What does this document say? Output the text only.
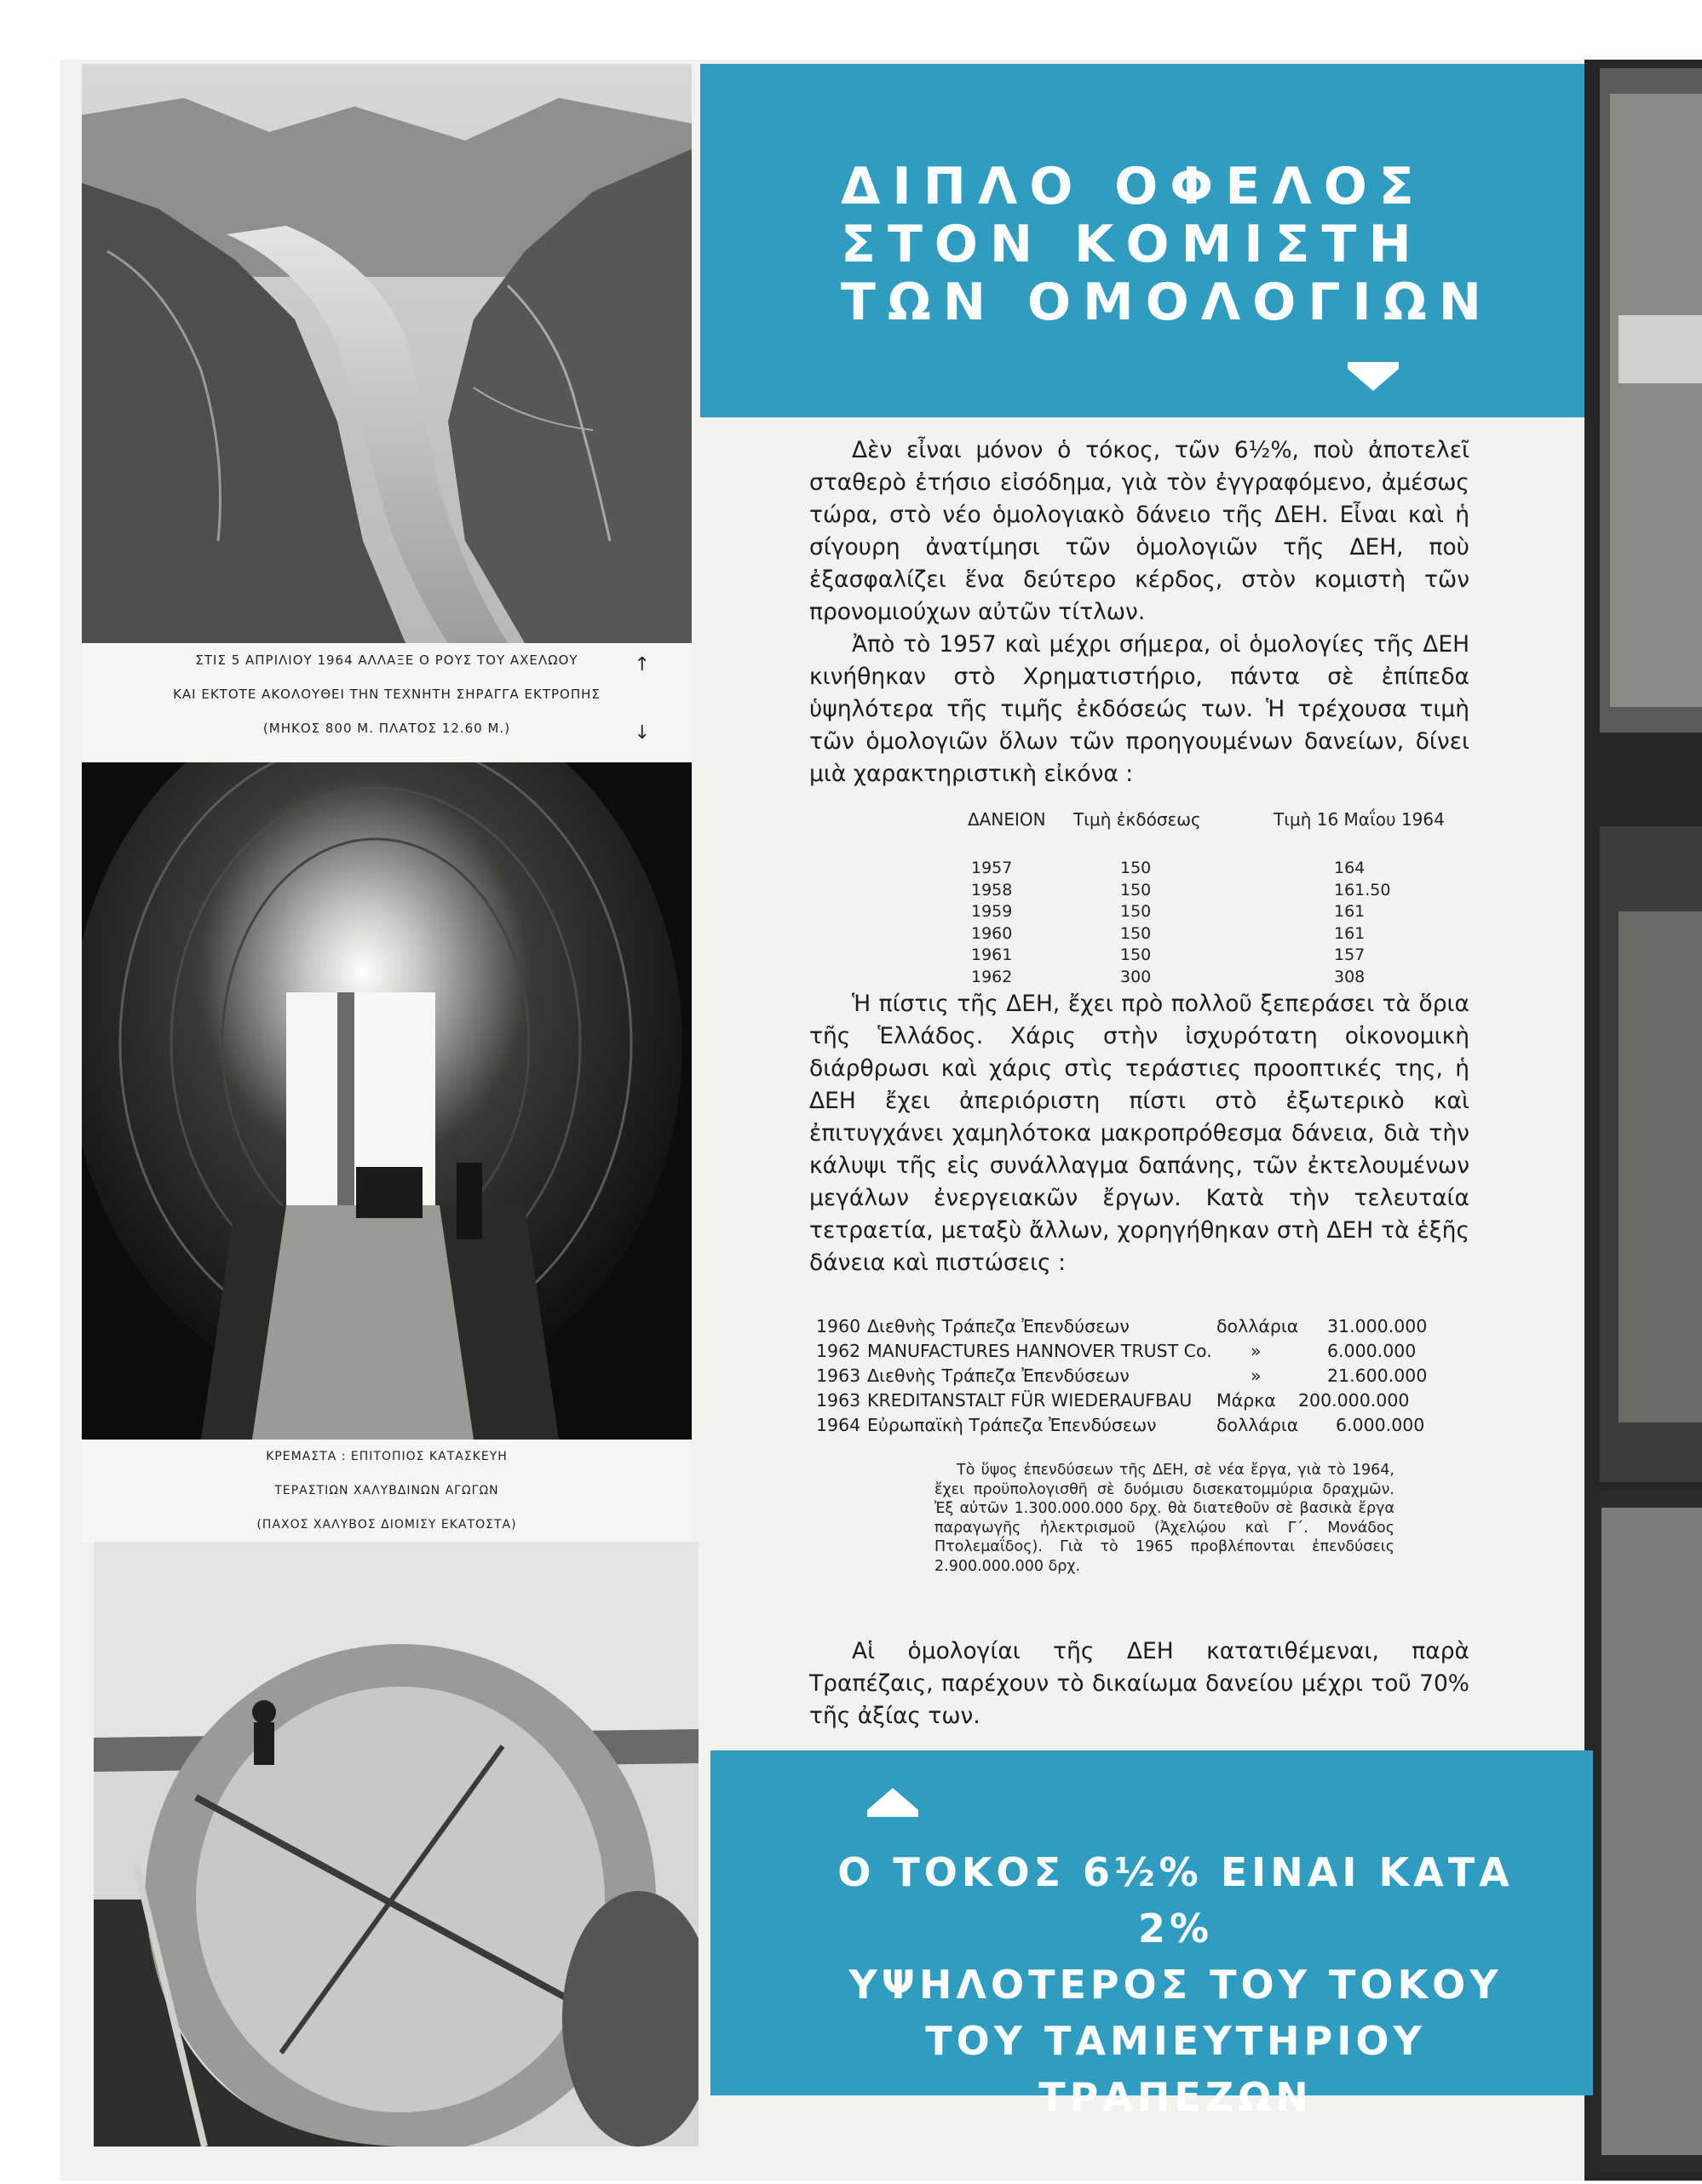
ΣΤΙΣ 5 ΑΠΡΙΛΙΟΥ 1964 ΑΛΛΑΞΕ Ο ΡΟΥΣ ΤΟΥ ΑΧΕΛΩΟΥ
ΚΑΙ ΕΚΤΟΤΕ ΑΚΟΛΟΥΘΕΙ ΤΗΝ ΤΕΧΝΗΤΗ ΣΗΡΑΓΓΑ ΕΚΤΡΟΠΗΣ
(ΜΗΚΟΣ 800 Μ. ΠΛΑΤΟΣ 12.60 Μ.)
↑
↓
ΚΡΕΜΑΣΤΑ : ΕΠΙΤΟΠΙΟΣ ΚΑΤΑΣΚΕΥΗ
ΤΕΡΑΣΤΙΩΝ ΧΑΛΥΒΔΙΝΩΝ ΑΓΩΓΩΝ
(ΠΑΧΟΣ ΧΑΛΥΒΟΣ ΔΙΟΜΙΣΥ ΕΚΑΤΟΣΤΑ)
ΔΙΠΛΟ ΟΦΕΛΟΣ
ΣΤΟΝ ΚΟΜΙΣΤΗ
ΤΩΝ ΟΜΟΛΟΓΙΩΝ

Δὲν εἶναι μόνον ὁ τόκος, τῶν 6½%, ποὺ ἀποτελεῖ σταθερὸ ἐτήσιο εἰσόδημα, γιὰ τὸν ἐγγραφόμενο, ἀμέσως τώρα, στὸ νέο ὁμολογιακὸ δάνειο τῆς ΔΕΗ. Εἶναι καὶ ἡ σίγουρη ἀνατίμησι τῶν ὁμολογιῶν τῆς ΔΕΗ, ποὺ ἐξασφαλίζει ἕνα δεύτερο κέρδος, στὸν κομιστὴ τῶν προνομιούχων αὐτῶν τίτλων.

Ἀπὸ τὸ 1957 καὶ μέχρι σήμερα, οἱ ὁμολογίες τῆς ΔΕΗ κινήθηκαν στὸ Χρηματιστήριο, πάντα σὲ ἐπίπεδα ὑψηλότερα τῆς τιμῆς ἐκδόσεώς των. Ἡ τρέχουσα τιμὴ τῶν ὁμολογιῶν ὅλων τῶν προηγουμένων δανείων, δίνει μιὰ χαρακτηριστικὴ εἰκόνα :

ΔΑΝΕΙΟΝ Τιμὴ ἐκδόσεως	Τιμὴ 16 Μαΐου 1964
1957	150	164
1958	150	161.50
1959	150	161
1960	150	161
1961	150	157
1962	300	308

Ἡ πίστις τῆς ΔΕΗ, ἔχει πρὸ πολλοῦ ξεπεράσει τὰ ὅρια τῆς Ἑλλάδος. Χάρις στὴν ἰσχυρότατη οἰκονομικὴ διάρθρωσι καὶ χάρις στὶς τεράστιες προοπτικές της, ἡ ΔΕΗ ἔχει ἀπεριόριστη πίστι στὸ ἐξωτερικὸ καὶ ἐπιτυγχάνει χαμηλότοκα μακροπρόθεσμα δάνεια, διὰ τὴν κάλυψι τῆς εἰς συνάλλαγμα δαπάνης, τῶν ἐκτελουμένων μεγάλων ἐνεργειακῶν ἔργων. Κατὰ τὴν τελευταία τετραετία, μεταξὺ ἄλλων, χορηγήθηκαν στὴ ΔΕΗ τὰ ἑξῆς δάνεια καὶ πιστώσεις :

1960 Διεθνὴς Τράπεζα Ἐπενδύσεων	δολλάρια 31.000.000
1962 MANUFACTURES HANNOVER TRUST Co. »	6.000.000
1963 Διεθνὴς Τράπεζα Ἐπενδύσεων	»	21.600.000
1963 KREDITANSTALT FÜR WIEDERAUFBAU Μάρκα 200.000.000
1964 Εὐρωπαϊκὴ Τράπεζα Ἐπενδύσεων	δολλάρια 6.000.000

Τὸ ὕψος ἐπενδύσεων τῆς ΔΕΗ, σὲ νέα ἔργα, γιὰ τὸ 1964, ἔχει προϋπολογισθῆ σὲ δυόμισυ δισεκατομμύρια δραχμῶν. Ἐξ αὐτῶν 1.300.000.000 δρχ. θὰ διατεθοῦν σὲ βασικὰ ἔργα παραγωγῆς ἠλεκτρισμοῦ (Ἀχελῴου καὶ Γ΄. Μονάδος Πτολεμαΐδος). Γιὰ τὸ 1965 προβλέπονται ἐπενδύσεις 2.900.000.000 δρχ.

Αἱ ὁμολογίαι τῆς ΔΕΗ κατατιθέμεναι, παρὰ Τραπέζαις, παρέχουν τὸ δικαίωμα δανείου μέχρι τοῦ 70% τῆς ἀξίας των.

Ο ΤΟΚΟΣ 6½% ΕΙΝΑΙ ΚΑΤΑ 2%
ΥΨΗΛΟΤΕΡΟΣ ΤΟΥ ΤΟΚΟΥ
ΤΟΥ ΤΑΜΙΕΥΤΗΡΙΟΥ ΤΡΑΠΕΖΩΝ
